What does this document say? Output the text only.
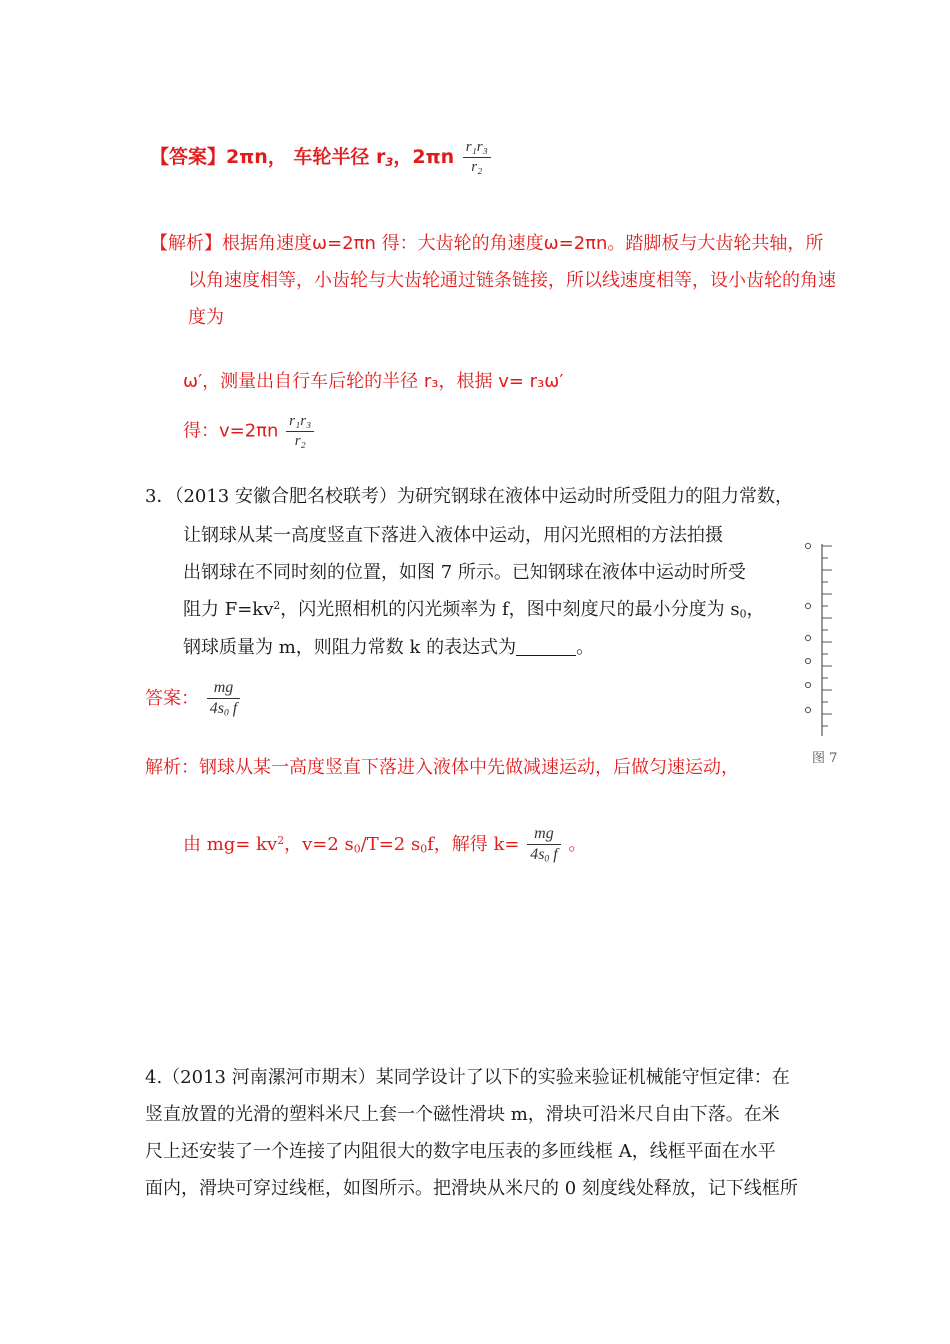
【答案】2πn， 车轮半径 $r_3$，$2\pi n \frac{\text{r₁r₃}}{\text{r₂}}$
【解析】根据角速度ω=2πn 得：大齿轮的角速度ω=2πn。踏脚板与大齿轮共轴，所
以角速度相等，小齿轮与大齿轮通过链条链接，所以线速度相等，设小齿轮的角速
度为
ω′，测量出自行车后轮的半径 r₃，根据 v= r₃ω′
得：$v=2\pi n \frac{\text{r₁r₃}}{\text{r₂}}$
3．（2013 安徽合肥名校联考）为研究钢球在液体中运动时所受阻力的阻力常数，
让钢球从某一高度竖直下落进入液体中运动，用闪光照相的方法拍摄
出钢球在不同时刻的位置，如图 7 所示。已知钢球在液体中运动时所受
阻力 $F=kv^2$，闪光照相机的闪光频率为 f，图中刻度尺的最小分度为 $s_0$，
钢球质量为 m，则阻力常数 k 的表达式为	。
答案： $\frac{mg}{4s_0 f}$
解析：钢球从某一高度竖直下落进入液体中先做减速运动，后做匀速运动，
由 $mg= kv^2$，v=2 $s_0/T=2$ $s_0f$，解得 $k= \frac{mg}{4s_0 f}$ 。
图 7
4.（2013 河南漯河市期末）某同学设计了以下的实验来验证机械能守恒定律：在
竖直放置的光滑的塑料米尺上套一个磁性滑块 m，滑块可沿米尺自由下落。在米
尺上还安装了一个连接了内阻很大的数字电压表的多匝线框 A，线框平面在水平
面内，滑块可穿过线框，如图所示。把滑块从米尺的 0 刻度线处释放，记下线框所
